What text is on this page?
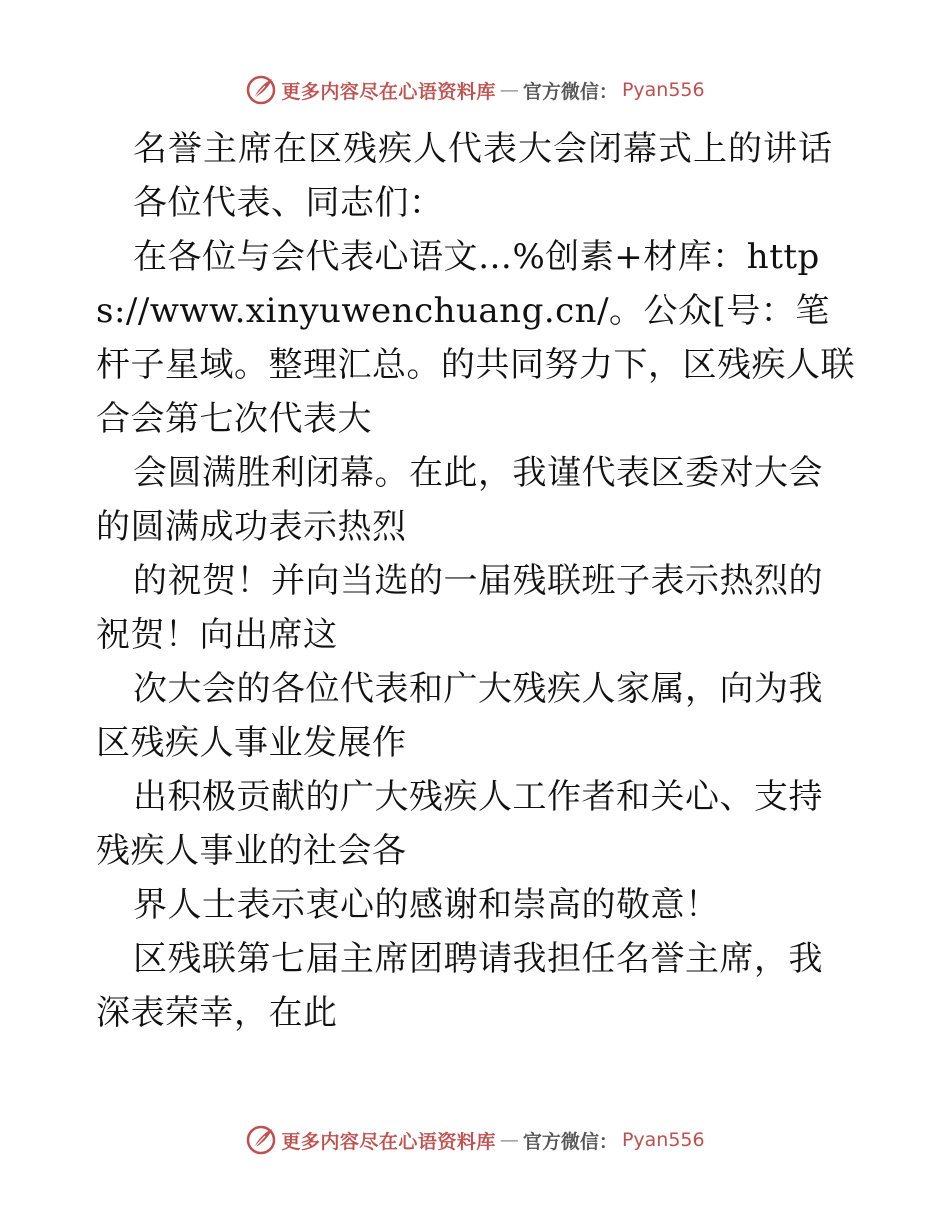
更多内容尽在心语资料库 — 官方微信： Pyan556

名誉主席在区残疾人代表大会闭幕式上的讲话

各位代表、同志们：

在各位与会代表心语文…%创素+材库：https://www.xinyuwenchuang.cn/。公众[号：笔杆子星域。整理汇总。的共同努力下，区残疾人联合会第七次代表大

会圆满胜利闭幕。在此，我谨代表区委对大会的圆满成功表示热烈

的祝贺！并向当选的一届残联班子表示热烈的祝贺！向出席这

次大会的各位代表和广大残疾人家属，向为我区残疾人事业发展作

出积极贡献的广大残疾人工作者和关心、支持残疾人事业的社会各

界人士表示衷心的感谢和崇高的敬意！

区残联第七届主席团聘请我担任名誉主席，我深表荣幸，在此

更多内容尽在心语资料库 — 官方微信： Pyan556
